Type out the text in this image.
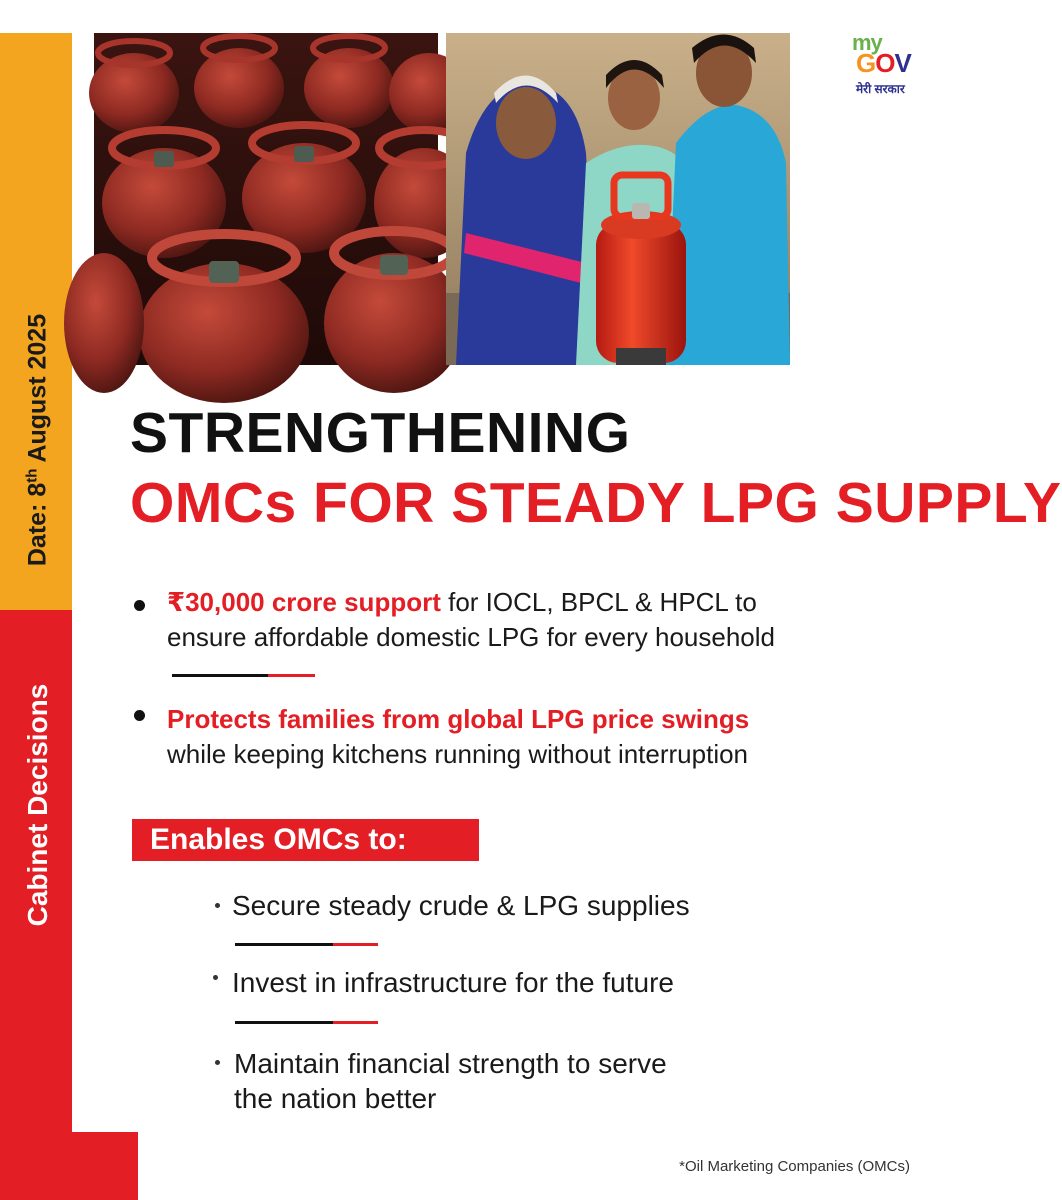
Date: 8th August 2025
Cabinet Decisions
my
GOV
मेरी सरकार
STRENGTHENING
OMCs FOR STEADY LPG SUPPLY
₹30,000 crore support for IOCL, BPCL & HPCL to
ensure affordable domestic LPG for every household
Protects families from global LPG price swings
while keeping kitchens running without interruption
Enables OMCs to:
Secure steady crude & LPG supplies
Invest in infrastructure for the future
Maintain financial strength to serve
the nation better
*Oil Marketing Companies (OMCs)
